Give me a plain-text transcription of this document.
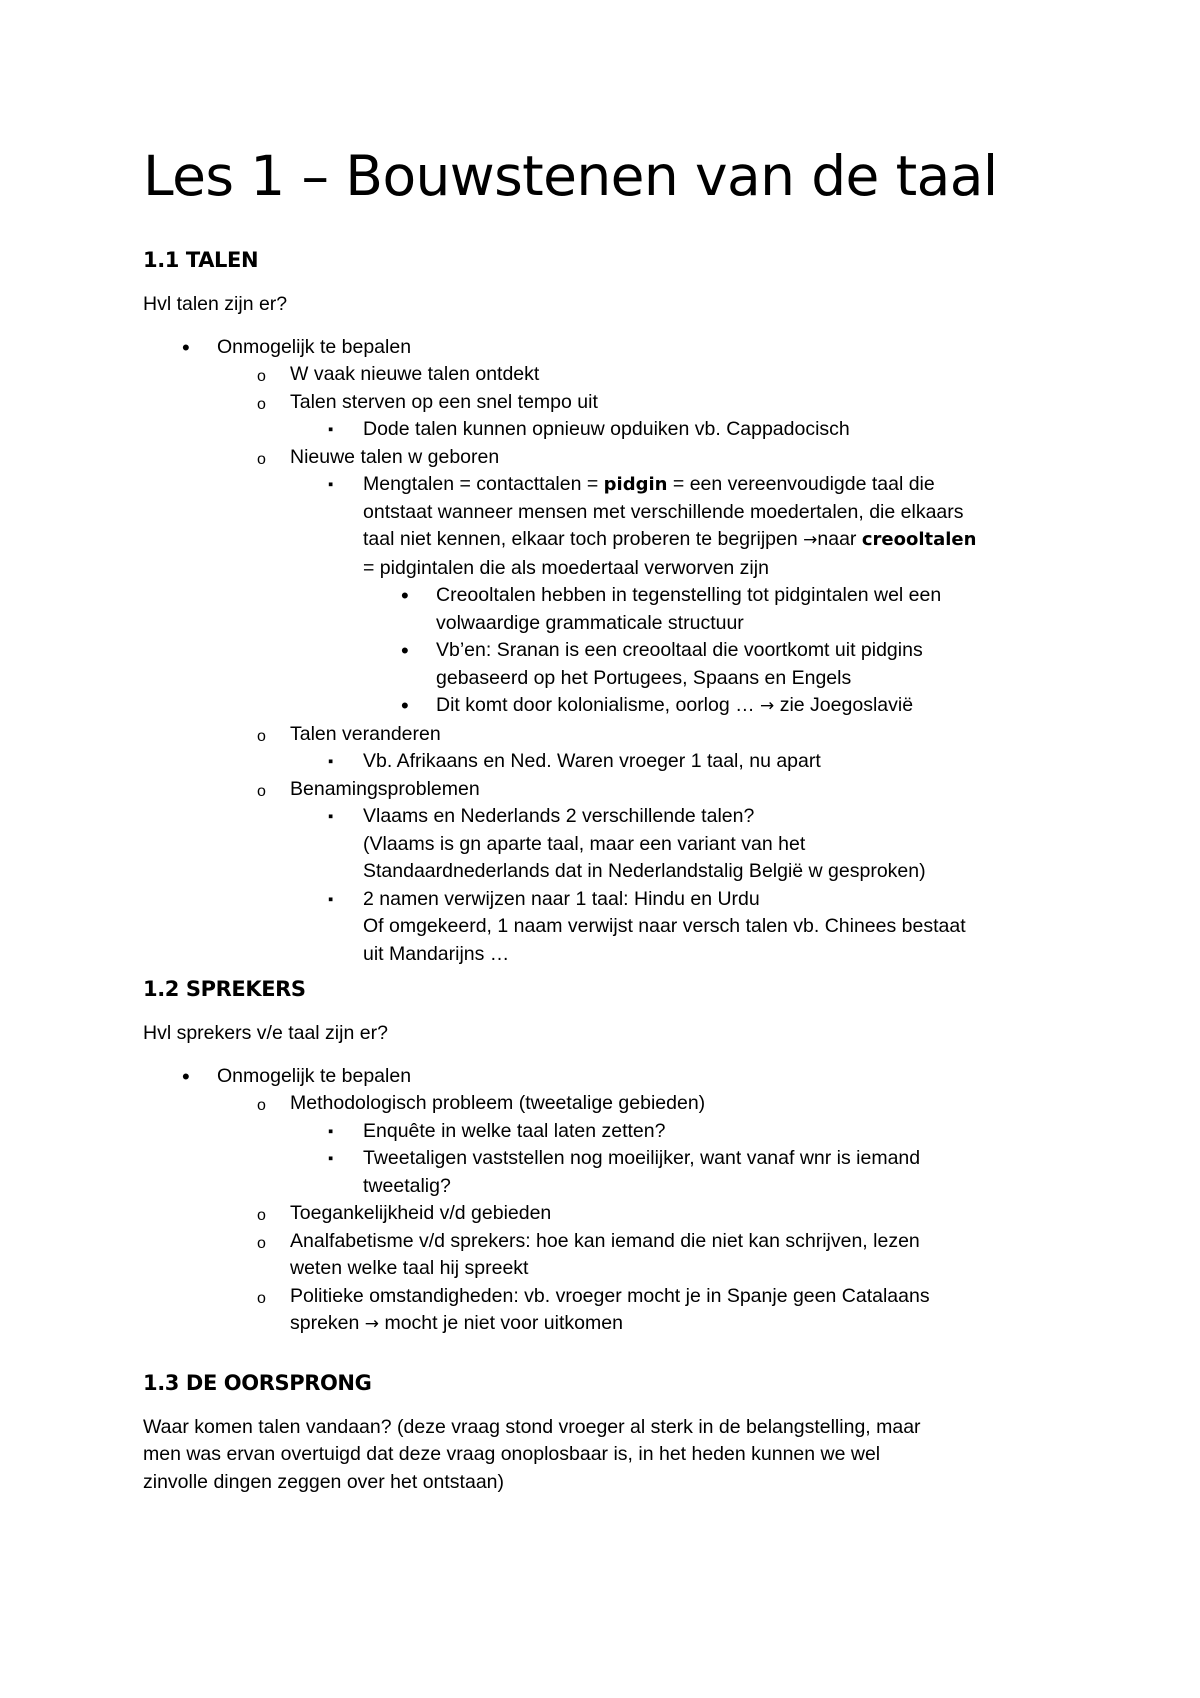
Les 1 – Bouwstenen van de taal
1.1 TALEN

Hvl talen zijn er?

• Onmogelijk te bepalen
o W vaak nieuwe talen ontdekt
o Talen sterven op een snel tempo uit
▪ Dode talen kunnen opnieuw opduiken vb. Cappadocisch
o Nieuwe talen w geboren
▪ Mengtalen = contacttalen = pidgin = een vereenvoudigde taal die
ontstaat wanneer mensen met verschillende moedertalen, die elkaars
taal niet kennen, elkaar toch proberen te begrijpen →naar creooltalen
= pidgintalen die als moedertaal verworven zijn
• Creooltalen hebben in tegenstelling tot pidgintalen wel een
volwaardige grammaticale structuur
• Vb’en: Sranan is een creooltaal die voortkomt uit pidgins
gebaseerd op het Portugees, Spaans en Engels
• Dit komt door kolonialisme, oorlog … → zie Joegoslavië
o Talen veranderen
▪ Vb. Afrikaans en Ned. Waren vroeger 1 taal, nu apart
o Benamingsproblemen
▪ Vlaams en Nederlands 2 verschillende talen?
(Vlaams is gn aparte taal, maar een variant van het
Standaardnederlands dat in Nederlandstalig België w gesproken)
▪ 2 namen verwijzen naar 1 taal: Hindu en Urdu
Of omgekeerd, 1 naam verwijst naar versch talen vb. Chinees bestaat
uit Mandarijns …
1.2 SPREKERS

Hvl sprekers v/e taal zijn er?

• Onmogelijk te bepalen
o Methodologisch probleem (tweetalige gebieden)
▪ Enquête in welke taal laten zetten?
▪ Tweetaligen vaststellen nog moeilijker, want vanaf wnr is iemand
tweetalig?
o Toegankelijkheid v/d gebieden
o Analfabetisme v/d sprekers: hoe kan iemand die niet kan schrijven, lezen
weten welke taal hij spreekt
o Politieke omstandigheden: vb. vroeger mocht je in Spanje geen Catalaans
spreken → mocht je niet voor uitkomen
1.3 DE OORSPRONG

Waar komen talen vandaan? (deze vraag stond vroeger al sterk in de belangstelling, maar
men was ervan overtuigd dat deze vraag onoplosbaar is, in het heden kunnen we wel
zinvolle dingen zeggen over het ontstaan)
